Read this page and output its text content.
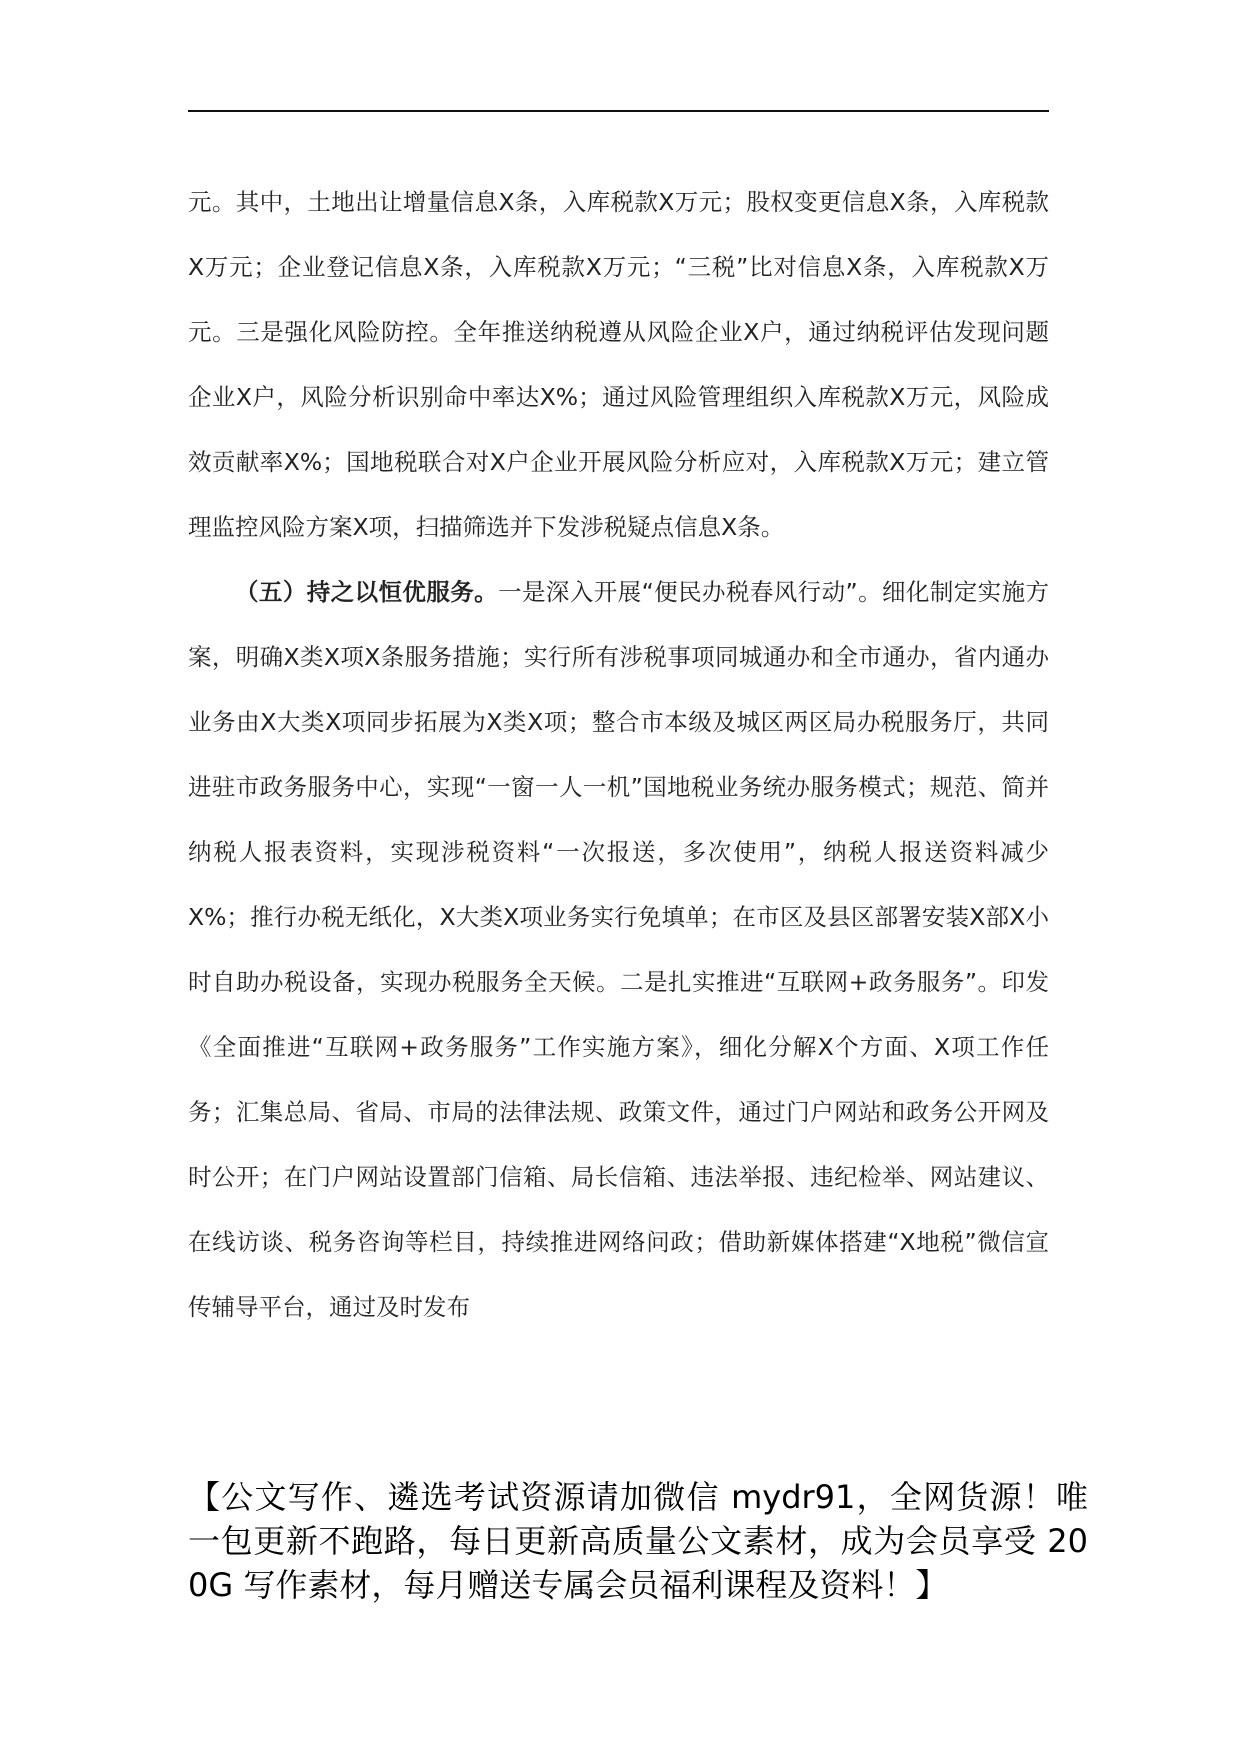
元。其中，土地出让增量信息X条，入库税款X万元；股权变更信息X条，入库税款X万元；企业登记信息X条，入库税款X万元；“三税”比对信息X条，入库税款X万元。三是强化风险防控。全年推送纳税遵从风险企业X户，通过纳税评估发现问题企业X户，风险分析识别命中率达X%；通过风险管理组织入库税款X万元，风险成效贡献率X%；国地税联合对X户企业开展风险分析应对，入库税款X万元；建立管理监控风险方案X项，扫描筛选并下发涉税疑点信息X条。

（五）持之以恒优服务。一是深入开展“便民办税春风行动”。细化制定实施方案，明确X类X项X条服务措施；实行所有涉税事项同城通办和全市通办，省内通办业务由X大类X项同步拓展为X类X项；整合市本级及城区两区局办税服务厅，共同进驻市政务服务中心，实现“一窗一人一机”国地税业务统办服务模式；规范、简并纳税人报表资料，实现涉税资料“一次报送，多次使用”，纳税人报送资料减少X%；推行办税无纸化，X大类X项业务实行免填单；在市区及县区部署安装X部X小时自助办税设备，实现办税服务全天候。二是扎实推进“互联网+政务服务”。印发《全面推进“互联网+政务服务”工作实施方案》，细化分解X个方面、X项工作任务；汇集总局、省局、市局的法律法规、政策文件，通过门户网站和政务公开网及时公开；在门户网站设置部门信箱、局长信箱、违法举报、违纪检举、网站建议、在线访谈、税务咨询等栏目，持续推进网络问政；借助新媒体搭建“X地税”微信宣传辅导平台，通过及时发布

【公文写作、遴选考试资源请加微信 mydr91，全网货源！唯一包更新不跑路，每日更新高质量公文素材，成为会员享受 200G 写作素材，每月赠送专属会员福利课程及资料！】
